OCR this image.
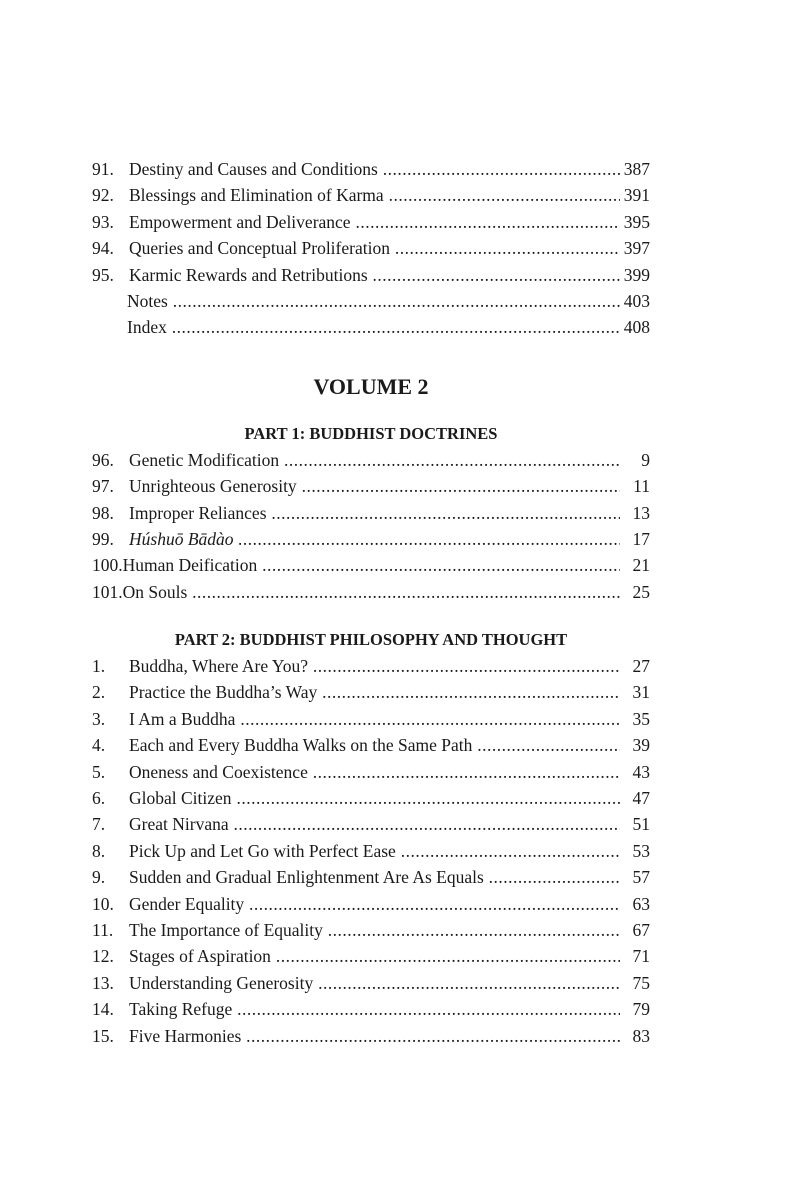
91. Destiny and Causes and Conditions .....	387
92. Blessings and Elimination of Karma .....	391
93. Empowerment and Deliverance .....	395
94. Queries and Conceptual Proliferation .....	397
95. Karmic Rewards and Retributions .....	399
Notes .....	403
Index .....	408
VOLUME 2
PART 1: BUDDHIST DOCTRINES
96. Genetic Modification .....	9
97. Unrighteous Generosity .....	11
98. Improper Reliances .....	13
99. Húshuō Bādào .....	17
100. Human Deification .....	21
101. On Souls .....	25
PART 2: BUDDHIST PHILOSOPHY AND THOUGHT
1. Buddha, Where Are You? .....	27
2. Practice the Buddha’s Way .....	31
3. I Am a Buddha .....	35
4. Each and Every Buddha Walks on the Same Path .....	39
5. Oneness and Coexistence .....	43
6. Global Citizen .....	47
7. Great Nirvana .....	51
8. Pick Up and Let Go with Perfect Ease .....	53
9. Sudden and Gradual Enlightenment Are As Equals .....	57
10. Gender Equality .....	63
11. The Importance of Equality .....	67
12. Stages of Aspiration .....	71
13. Understanding Generosity .....	75
14. Taking Refuge .....	79
15. Five Harmonies .....	83
